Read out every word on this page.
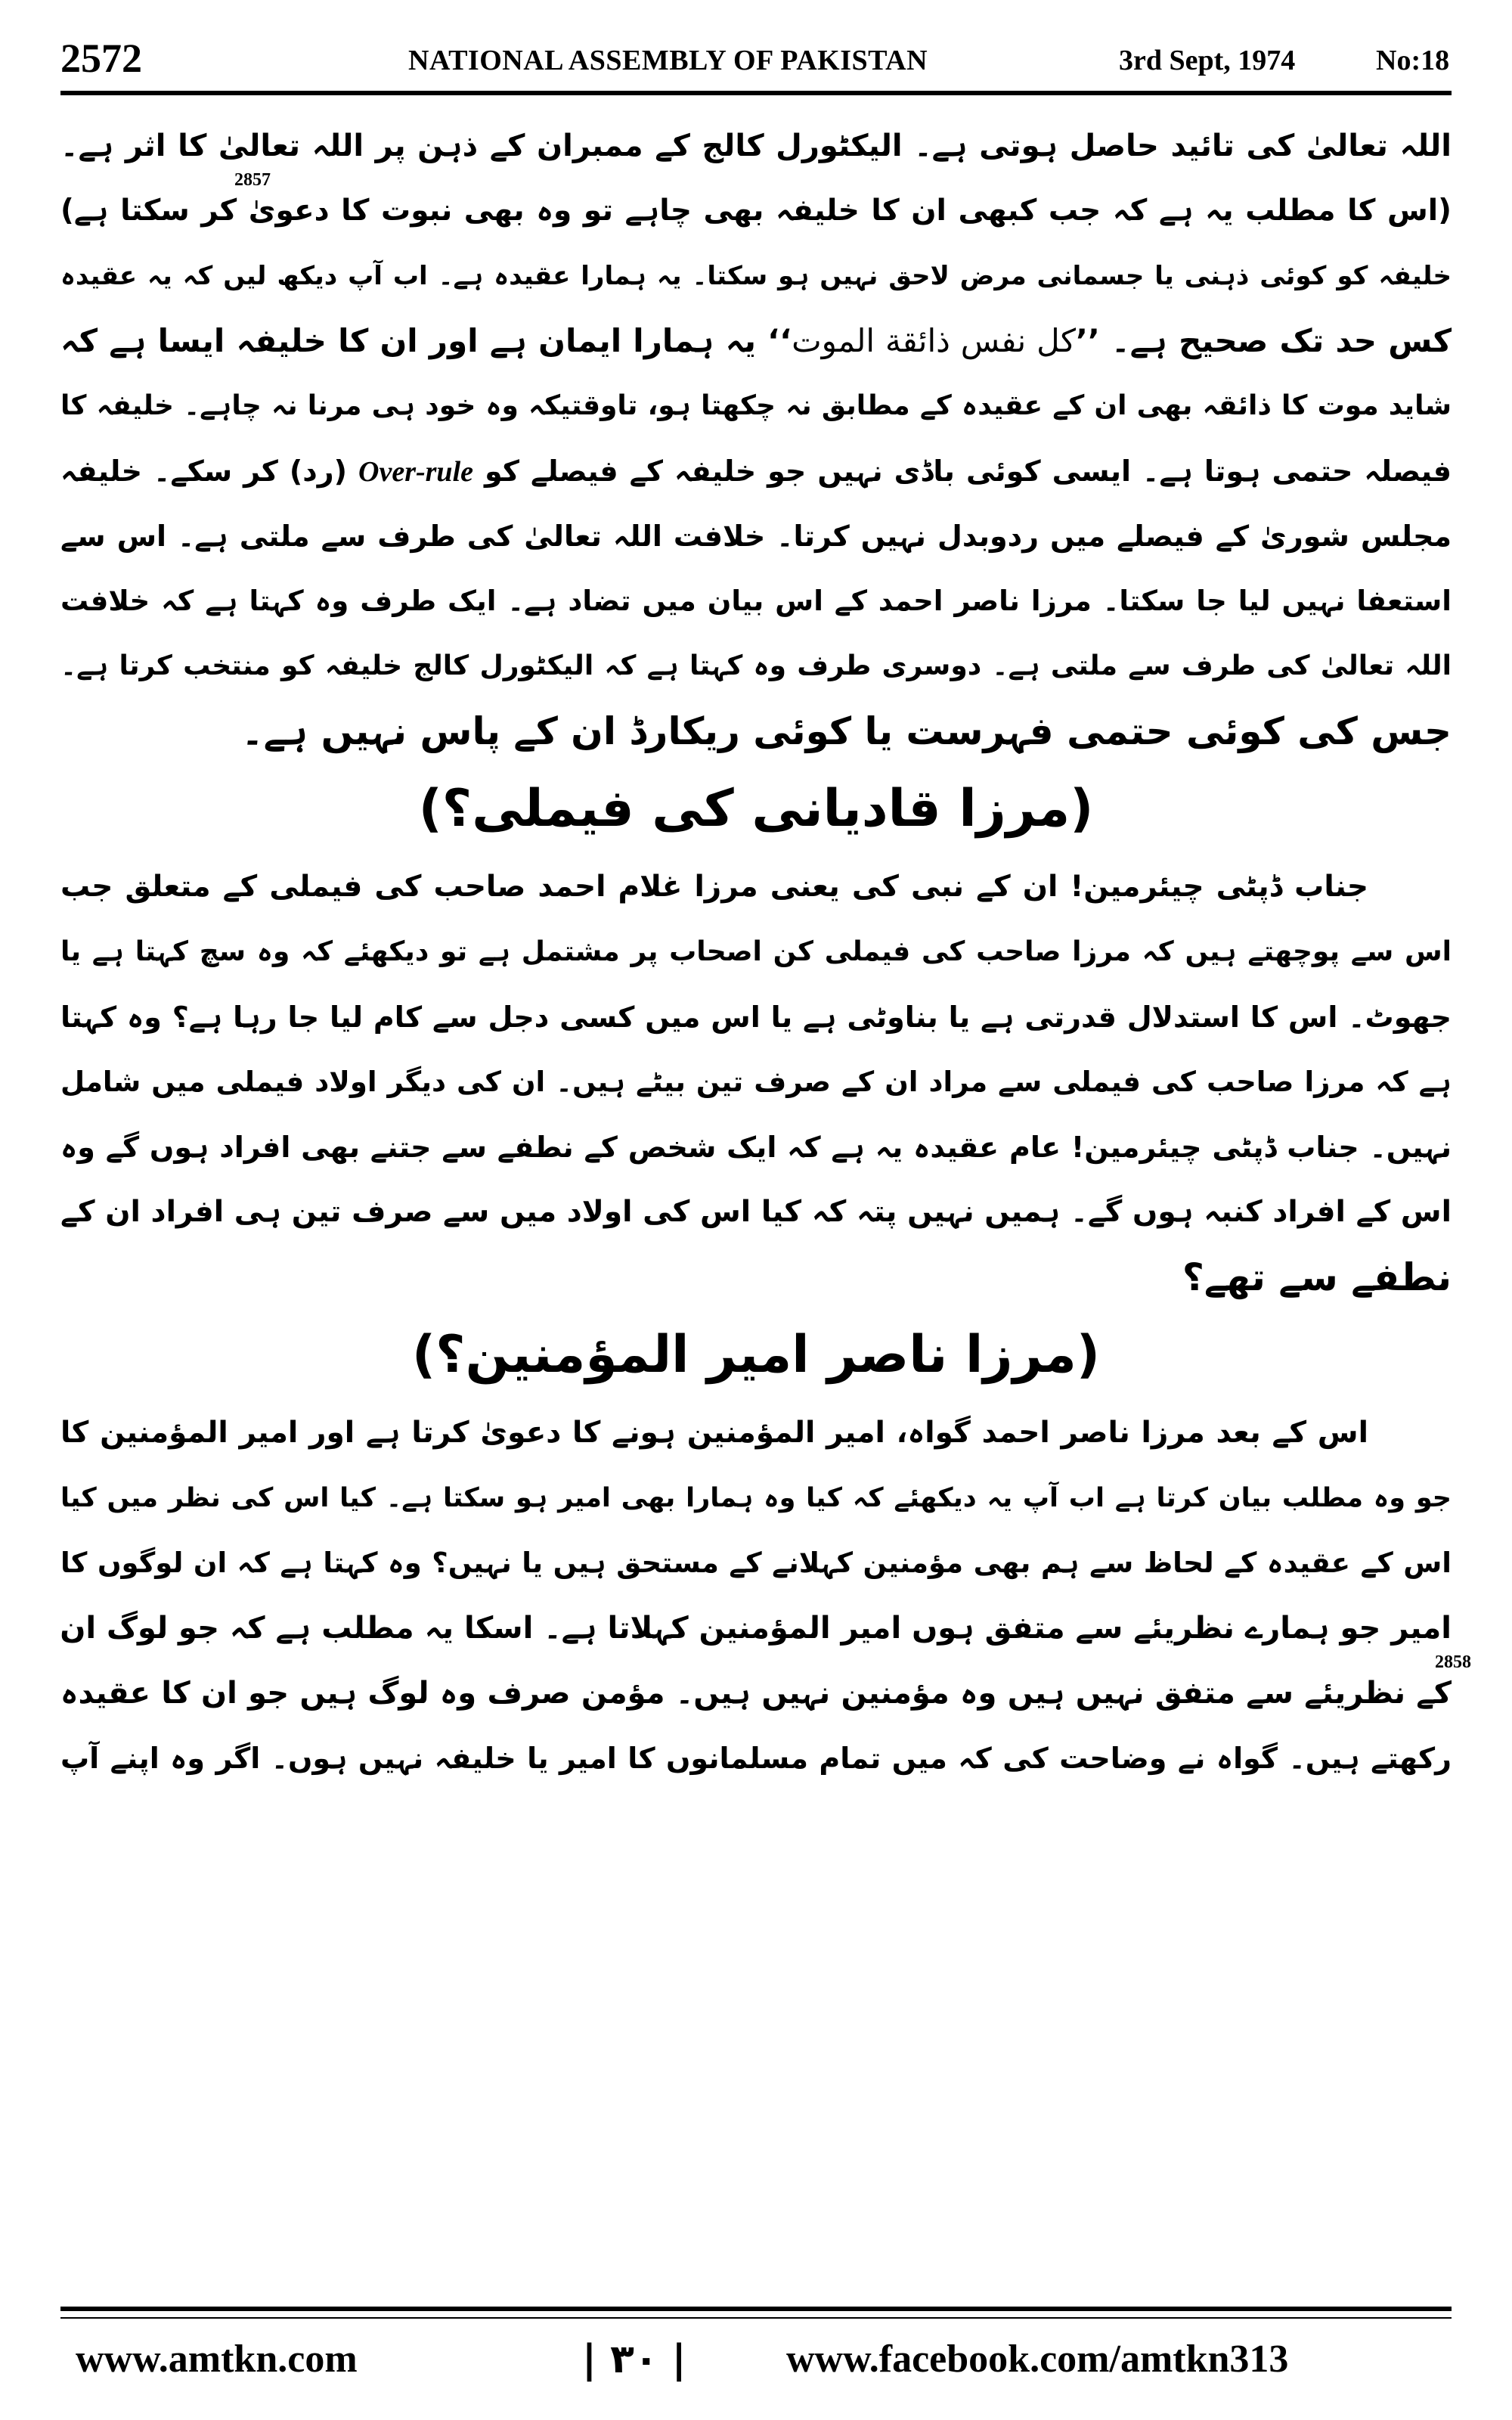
2572	NATIONAL ASSEMBLY OF PAKISTAN	3rd Sept, 1974	No:18
اللہ تعالیٰ کی تائید حاصل ہوتی ہے۔ الیکٹورل کالج کے ممبران کے ذہن پر اللہ تعالیٰ کا اثر ہے۔
(اس کا مطلب یہ ہے کہ جب کبھی ان کا خلیفہ بھی چاہے تو وہ بھی نبوت کا دعویٰ کر سکتا ہے)
2857
خلیفہ کو کوئی ذہنی یا جسمانی مرض لاحق نہیں ہو سکتا۔ یہ ہمارا عقیدہ ہے۔ اب آپ دیکھ لیں کہ یہ عقیدہ
کس حد تک صحیح ہے۔ ’’کل نفس ذائقة الموت‘‘ یہ ہمارا ایمان ہے اور ان کا خلیفہ ایسا ہے کہ
شاید موت کا ذائقہ بھی ان کے عقیدہ کے مطابق نہ چکھتا ہو، تاوقتیکہ وہ خود ہی مرنا نہ چاہے۔ خلیفہ کا
فیصلہ حتمی ہوتا ہے۔ ایسی کوئی باڈی نہیں جو خلیفہ کے فیصلے کو Over-rule (رد) کر سکے۔ خلیفہ
مجلس شوریٰ کے فیصلے میں ردوبدل نہیں کرتا۔ خلافت اللہ تعالیٰ کی طرف سے ملتی ہے۔ اس سے
استعفا نہیں لیا جا سکتا۔ مرزا ناصر احمد کے اس بیان میں تضاد ہے۔ ایک طرف وہ کہتا ہے کہ خلافت
اللہ تعالیٰ کی طرف سے ملتی ہے۔ دوسری طرف وہ کہتا ہے کہ الیکٹورل کالج خلیفہ کو منتخب کرتا ہے۔
جس کی کوئی حتمی فہرست یا کوئی ریکارڈ ان کے پاس نہیں ہے۔
(مرزا قادیانی کی فیملی؟)
جناب ڈپٹی چیئرمین! ان کے نبی کی یعنی مرزا غلام احمد صاحب کی فیملی کے متعلق جب
اس سے پوچھتے ہیں کہ مرزا صاحب کی فیملی کن اصحاب پر مشتمل ہے تو دیکھئے کہ وہ سچ کہتا ہے یا
جھوٹ۔ اس کا استدلال قدرتی ہے یا بناوٹی ہے یا اس میں کسی دجل سے کام لیا جا رہا ہے؟ وہ کہتا
ہے کہ مرزا صاحب کی فیملی سے مراد ان کے صرف تین بیٹے ہیں۔ ان کی دیگر اولاد فیملی میں شامل
نہیں۔ جناب ڈپٹی چیئرمین! عام عقیدہ یہ ہے کہ ایک شخص کے نطفے سے جتنے بھی افراد ہوں گے وہ
اس کے افراد کنبہ ہوں گے۔ ہمیں نہیں پتہ کہ کیا اس کی اولاد میں سے صرف تین ہی افراد ان کے
نطفے سے تھے؟
(مرزا ناصر امیر المؤمنین؟)
اس کے بعد مرزا ناصر احمد گواہ، امیر المؤمنین ہونے کا دعویٰ کرتا ہے اور امیر المؤمنین کا
جو وہ مطلب بیان کرتا ہے اب آپ یہ دیکھئے کہ کیا وہ ہمارا بھی امیر ہو سکتا ہے۔ کیا اس کی نظر میں کیا
اس کے عقیدہ کے لحاظ سے ہم بھی مؤمنین کہلانے کے مستحق ہیں یا نہیں؟ وہ کہتا ہے کہ ان لوگوں کا
امیر جو ہمارے نظریئے سے متفق ہوں امیر المؤمنین کہلاتا ہے۔ اسکا یہ مطلب ہے کہ جو لوگ ان
کے نظریئے سے متفق نہیں ہیں وہ مؤمنین نہیں ہیں۔ مؤمن صرف وہ لوگ ہیں جو ان کا عقیدہ
2858
رکھتے ہیں۔ گواہ نے وضاحت کی کہ میں تمام مسلمانوں کا امیر یا خلیفہ نہیں ہوں۔ اگر وہ اپنے آپ
www.amtkn.com	| ۳۰ |	www.facebook.com/amtkn313
